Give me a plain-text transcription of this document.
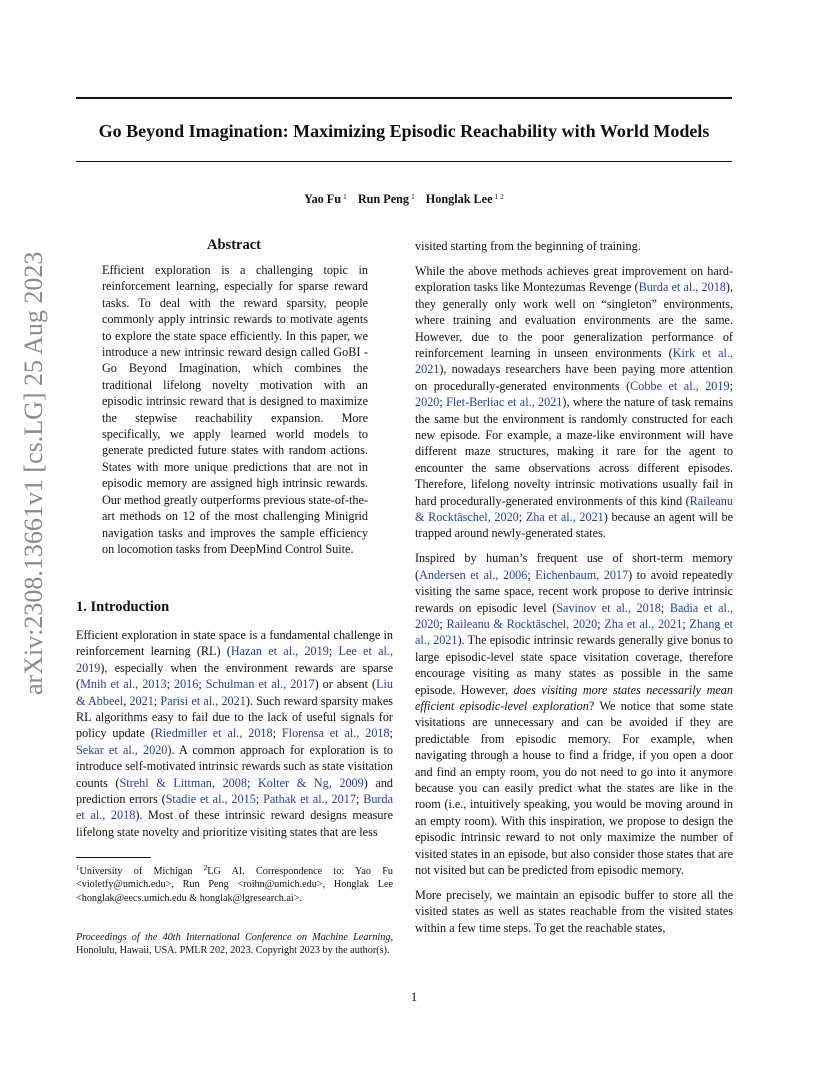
Go Beyond Imagination: Maximizing Episodic Reachability with World Models
Yao Fu $^1$ Run Peng $^1$ Honglak Lee $^{1 2}$
arXiv:2308.13661v1 [cs.LG] 25 Aug 2023
Abstract

Efficient exploration is a challenging topic in reinforcement learning, especially for sparse reward tasks. To deal with the reward sparsity, people commonly apply intrinsic rewards to motivate agents to explore the state space efficiently. In this paper, we introduce a new intrinsic reward design called GoBI - Go Beyond Imagination, which combines the traditional lifelong novelty motivation with an episodic intrinsic reward that is designed to maximize the stepwise reachability expansion. More specifically, we apply learned world models to generate predicted future states with random actions. States with more unique predictions that are not in episodic memory are assigned high intrinsic rewards. Our method greatly outperforms previous state-of-the-art methods on 12 of the most challenging Minigrid navigation tasks and improves the sample efficiency on locomotion tasks from DeepMind Control Suite.

1. Introduction

Efficient exploration in state space is a fundamental challenge in reinforcement learning (RL) (Hazan et al., 2019; Lee et al., 2019), especially when the environment rewards are sparse (Mnih et al., 2013; 2016; Schulman et al., 2017) or absent (Liu & Abbeel, 2021; Parisi et al., 2021). Such reward sparsity makes RL algorithms easy to fail due to the lack of useful signals for policy update (Riedmiller et al., 2018; Florensa et al., 2018; Sekar et al., 2020). A common approach for exploration is to introduce self-motivated intrinsic rewards such as state visitation counts (Strehl & Littman, 2008; Kolter & Ng, 2009) and prediction errors (Stadie et al., 2015; Pathak et al., 2017; Burda et al., 2018). Most of these intrinsic reward designs measure lifelong state novelty and prioritize visiting states that are less

$^1$University of Michigan $^2$LG AI. Correspondence to: Yao Fu <violetfy@umich.edu>, Run Peng <roihn@umich.edu>, Honglak Lee <honglak@eecs.umich.edu & honglak@lgresearch.ai>.

Proceedings of the 40th International Conference on Machine Learning, Honolulu, Hawaii, USA. PMLR 202, 2023. Copyright 2023 by the author(s).

visited starting from the beginning of training.

While the above methods achieves great improvement on hard-exploration tasks like Montezumas Revenge (Burda et al., 2018), they generally only work well on “singleton” environments, where training and evaluation environments are the same. However, due to the poor generalization performance of reinforcement learning in unseen environments (Kirk et al., 2021), nowadays researchers have been paying more attention on procedurally-generated environments (Cobbe et al., 2019; 2020; Flet-Berliac et al., 2021), where the nature of task remains the same but the environment is randomly constructed for each new episode. For example, a maze-like environment will have different maze structures, making it rare for the agent to encounter the same observations across different episodes. Therefore, lifelong novelty intrinsic motivations usually fail in hard procedurally-generated environments of this kind (Raileanu & Rocktäschel, 2020; Zha et al., 2021) because an agent will be trapped around newly-generated states.

Inspired by human’s frequent use of short-term memory (Andersen et al., 2006; Eichenbaum, 2017) to avoid repeatedly visiting the same space, recent work propose to derive intrinsic rewards on episodic level (Savinov et al., 2018; Badia et al., 2020; Raileanu & Rocktäschel, 2020; Zha et al., 2021; Zhang et al., 2021). The episodic intrinsic rewards generally give bonus to large episodic-level state space visitation coverage, therefore encourage visiting as many states as possible in the same episode. However, does visiting more states necessarily mean efficient episodic-level exploration? We notice that some state visitations are unnecessary and can be avoided if they are predictable from episodic memory. For example, when navigating through a house to find a fridge, if you open a door and find an empty room, you do not need to go into it anymore because you can easily predict what the states are like in the room (i.e., intuitively speaking, you would be moving around in an empty room). With this inspiration, we propose to design the episodic intrinsic reward to not only maximize the number of visited states in an episode, but also consider those states that are not visited but can be predicted from episodic memory.

More precisely, we maintain an episodic buffer to store all the visited states as well as states reachable from the visited states within a few time steps. To get the reachable states,

1
